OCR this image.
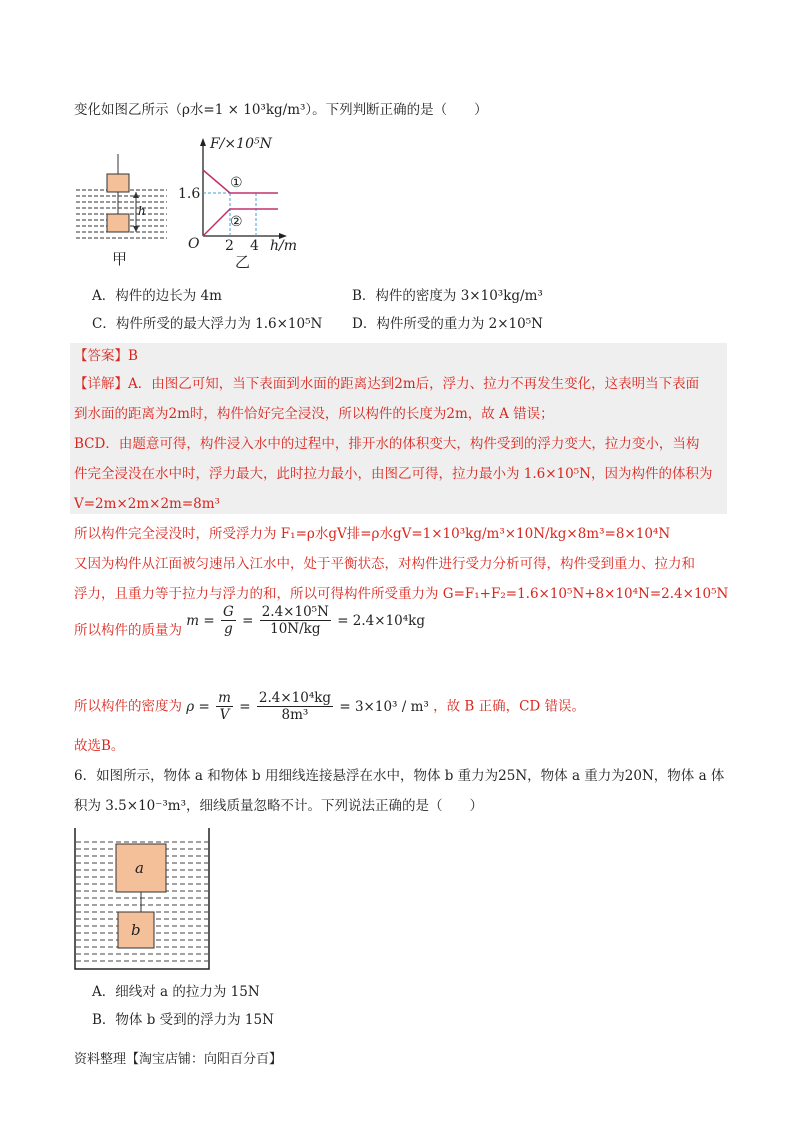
变化如图乙所示（ρ水=1 × 10³kg/m³）。下列判断正确的是（　　）
h
甲
F/×10⁵N
h/m
O
1.6
2 4
①
②
乙
A．构件的边长为 4m	B．构件的密度为 3×10³kg/m³
C．构件所受的最大浮力为 1.6×10⁵N D．构件所受的重力为 2×10⁵N
【答案】B
【详解】A．由图乙可知，当下表面到水面的距离达到2m后，浮力、拉力不再发生变化，这表明当下表面
到水面的距离为2m时，构件恰好完全浸没，所以构件的长度为2m，故 A 错误；
BCD．由题意可得，构件浸入水中的过程中，排开水的体积变大，构件受到的浮力变大，拉力变小，当构
件完全浸没在水中时，浮力最大，此时拉力最小，由图乙可得，拉力最小为 1.6×10⁵N，因为构件的体积为
V=2m×2m×2m=8m³
所以构件完全浸没时，所受浮力为 F₁=ρ水gV排=ρ水gV=1×10³kg/m³×10N/kg×8m³=8×10⁴N
又因为构件从江面被匀速吊入江水中，处于平衡状态，对构件进行受力分析可得，构件受到重力、拉力和
浮力，且重力等于拉力与浮力的和，所以可得构件所受重力为 G=F₁+F₂=1.6×10⁵N+8×10⁴N=2.4×10⁵N
所以构件的质量为 $m = \frac{G}{g} = \frac{\text{2.4×10⁵N}}{10N/kg} = 2.4\times 10^4kg$
所以构件的密度为 $\rho = \frac{m}{V} = \frac{\text{2.4×10⁴kg}}{\text{8m³}} = 3\times 10^3 / m^3$ ，故 B 正确，CD 错误。
故选B。
6．如图所示，物体 a 和物体 b 用细线连接悬浮在水中，物体 b 重力为25N，物体 a 重力为20N，物体 a 体
积为 3.5×10⁻³m³，细线质量忽略不计。下列说法正确的是（　　）
a
b
A．细线对 a 的拉力为 15N
B．物体 b 受到的浮力为 15N
资料整理【淘宝店铺：向阳百分百】
